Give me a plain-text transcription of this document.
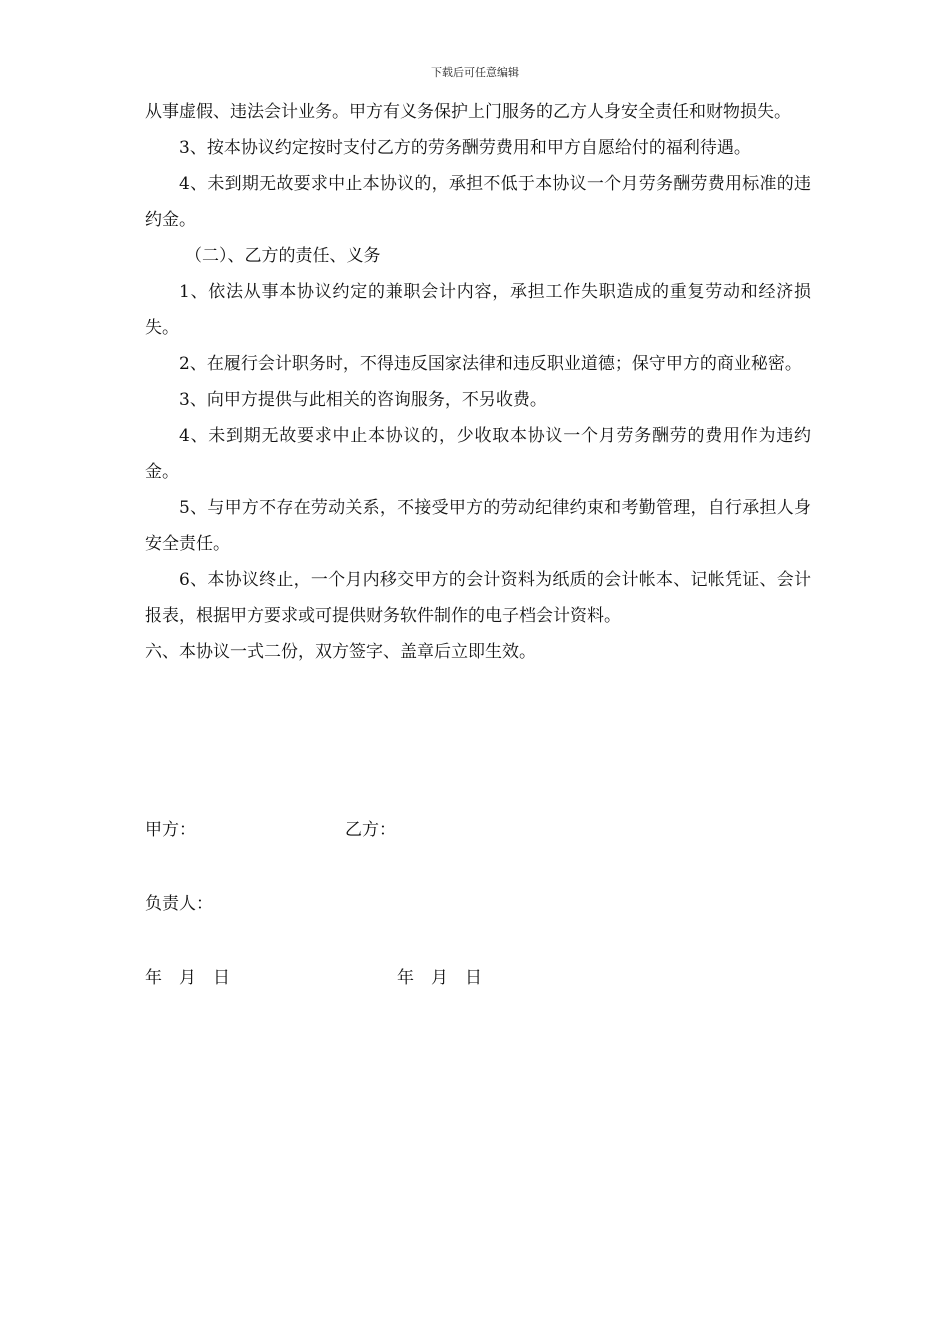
下载后可任意编辑

从事虚假、违法会计业务。甲方有义务保护上门服务的乙方人身安全责任和财物损失。

3、按本协议约定按时支付乙方的劳务酬劳费用和甲方自愿给付的福利待遇。

4、未到期无故要求中止本协议的，承担不低于本协议一个月劳务酬劳费用标准的违约金。

（二）、乙方的责任、义务

1、依法从事本协议约定的兼职会计内容，承担工作失职造成的重复劳动和经济损失。

2、在履行会计职务时，不得违反国家法律和违反职业道德；保守甲方的商业秘密。

3、向甲方提供与此相关的咨询服务，不另收费。

4、未到期无故要求中止本协议的，少收取本协议一个月劳务酬劳的费用作为违约金。

5、与甲方不存在劳动关系，不接受甲方的劳动纪律约束和考勤管理，自行承担人身安全责任。

6、本协议终止，一个月内移交甲方的会计资料为纸质的会计帐本、记帐凭证、会计报表，根据甲方要求或可提供财务软件制作的电子档会计资料。

六、本协议一式二份，双方签字、盖章后立即生效。

甲方：	乙方：
负责人：
年　月　日	年　月　日
